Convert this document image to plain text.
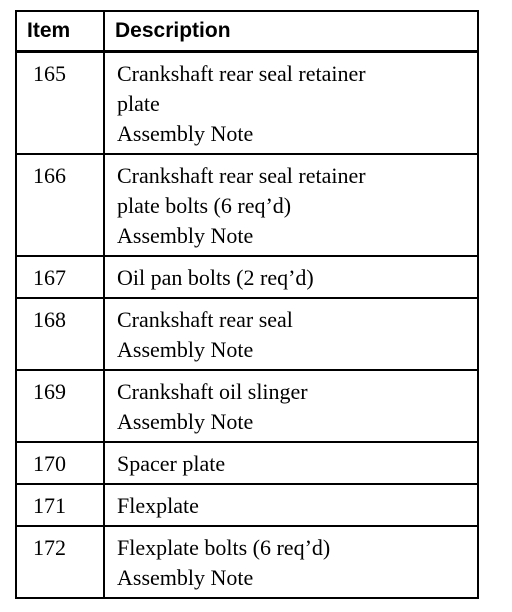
Item	Description
165	Crankshaft rear seal retainer
plate
Assembly Note

166	Crankshaft rear seal retainer
plate bolts (6 req’d)
Assembly Note

167	Oil pan bolts (2 req’d)

168	Crankshaft rear seal
Assembly Note

169	Crankshaft oil slinger
Assembly Note

170	Spacer plate

171	Flexplate

172	Flexplate bolts (6 req’d)
Assembly Note
